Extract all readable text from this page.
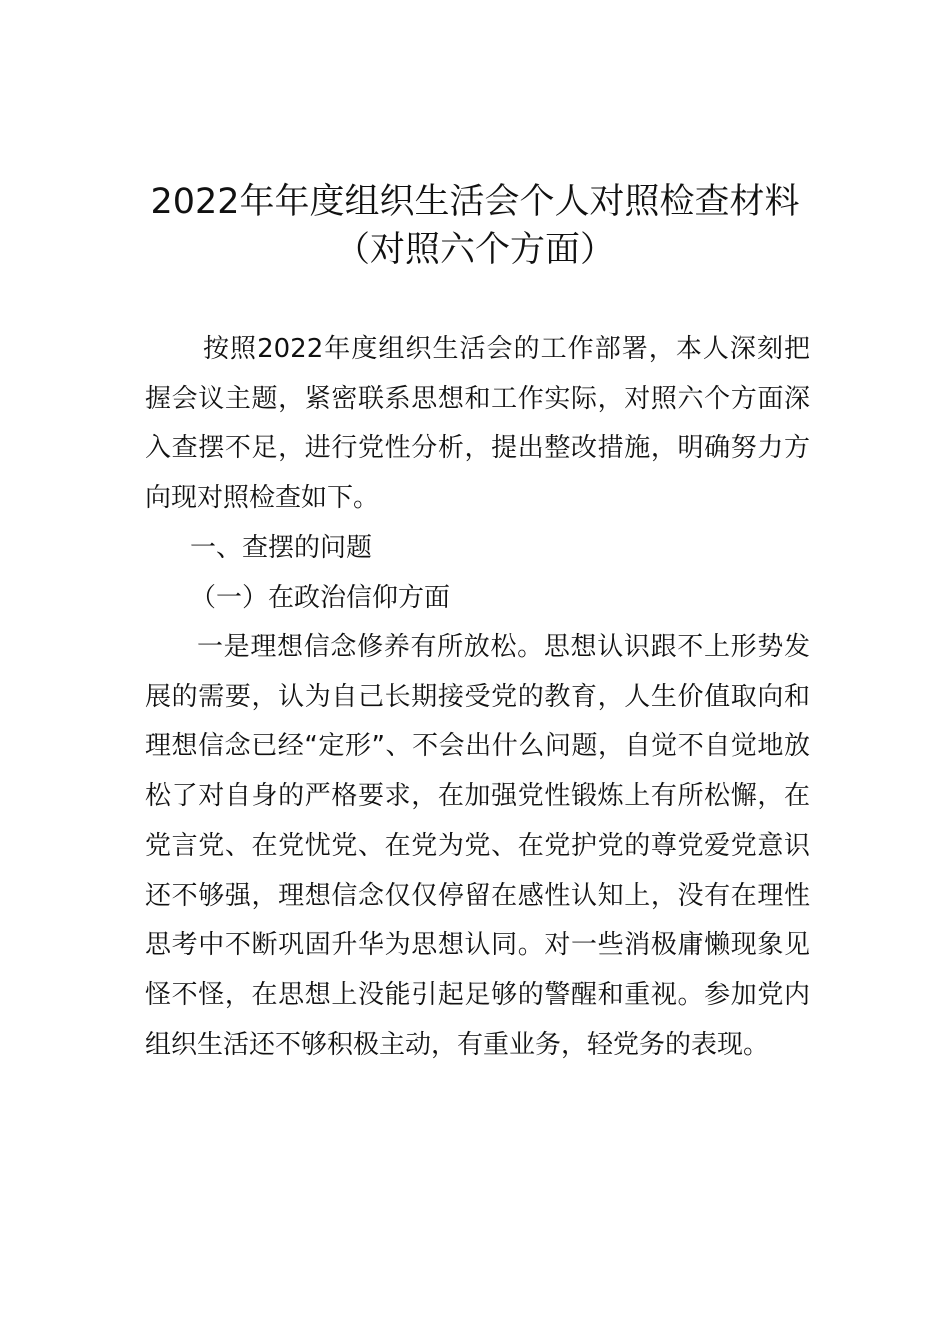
2022年年度组织生活会个人对照检查材料
（对照六个方面）

按照2022年度组织生活会的工作部署，本人深刻把握会议主题，紧密联系思想和工作实际，对照六个方面深入查摆不足，进行党性分析，提出整改措施，明确努力方向现对照检查如下。

一、查摆的问题

（一）在政治信仰方面

一是理想信念修养有所放松。思想认识跟不上形势发展的需要，认为自己长期接受党的教育，人生价值取向和理想信念已经“定形”、不会出什么问题，自觉不自觉地放松了对自身的严格要求，在加强党性锻炼上有所松懈，在党言党、在党忧党、在党为党、在党护党的尊党爱党意识还不够强，理想信念仅仅停留在感性认知上，没有在理性思考中不断巩固升华为思想认同。对一些消极庸懒现象见怪不怪，在思想上没能引起足够的警醒和重视。参加党内组织生活还不够积极主动，有重业务，轻党务的表现。
